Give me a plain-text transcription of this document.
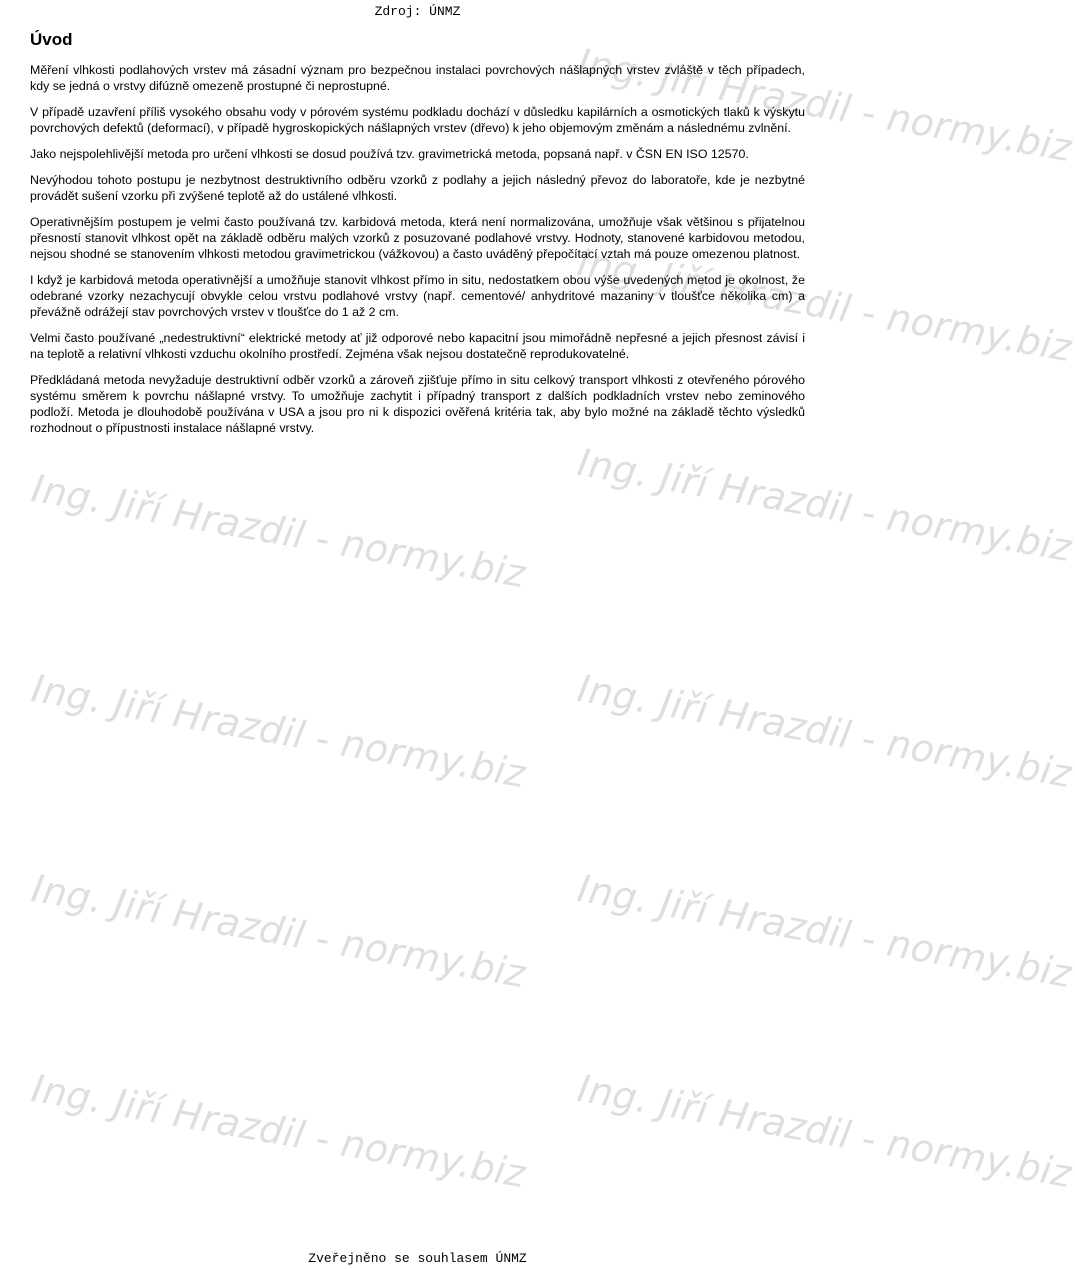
Zdroj: ÚNMZ
Úvod

Měření vlhkosti podlahových vrstev má zásadní význam pro bezpečnou instalaci povrchových nášlapných vrstev zvláště v těch případech, kdy se jedná o vrstvy difúzně omezeně prostupné či neprostupné.

V případě uzavření příliš vysokého obsahu vody v pórovém systému podkladu dochází v důsledku kapilárních a osmotických tlaků k výskytu povrchových defektů (deformací), v případě hygroskopických nášlapných vrstev (dřevo) k jeho objemovým změnám a následnému zvlnění.

Jako nejspolehlivější metoda pro určení vlhkosti se dosud používá tzv. gravimetrická metoda, popsaná např. v ČSN EN ISO 12570.

Nevýhodou tohoto postupu je nezbytnost destruktivního odběru vzorků z podlahy a jejich následný převoz do laboratoře, kde je nezbytné provádět sušení vzorku při zvýšené teplotě až do ustálené vlhkosti.

Operativnějším postupem je velmi často používaná tzv. karbidová metoda, která není normalizována, umožňuje však většinou s přijatelnou přesností stanovit vlhkost opět na základě odběru malých vzorků z posuzované podlahové vrstvy. Hodnoty, stanovené karbidovou metodou, nejsou shodné se stanovením vlhkosti metodou gravimetrickou (vážkovou) a často uváděný přepočítací vztah má pouze omezenou platnost.

I když je karbidová metoda operativnější a umožňuje stanovit vlhkost přímo in situ, nedostatkem obou výše uvedených metod je okolnost, že odebrané vzorky nezachycují obvykle celou vrstvu podlahové vrstvy (např. cementové/ anhydritové mazaniny v tloušťce několika cm) a převážně odrážejí stav povrchových vrstev v tloušťce do 1 až 2 cm.

Velmi často používané „nedestruktivní“ elektrické metody ať již odporové nebo kapacitní jsou mimořádně nepřesné a jejich přesnost závisí i na teplotě a relativní vlhkosti vzduchu okolního prostředí. Zejména však nejsou dostatečně reprodukovatelné.

Předkládaná metoda nevyžaduje destruktivní odběr vzorků a zároveň zjišťuje přímo in situ celkový transport vlhkosti z otevřeného pórového systému směrem k povrchu nášlapné vrstvy. To umožňuje zachytit i případný transport z dalších podkladních vrstev nebo zeminového podloží. Metoda je dlouhodobě používána v USA a jsou pro ni k dispozici ověřená kritéria tak, aby bylo možné na základě těchto výsledků rozhodnout o přípustnosti instalace nášlapné vrstvy.

Ing. Jiří Hrazdil - normy.biz
Ing. Jiří Hrazdil - normy.biz
Ing. Jiří Hrazdil - normy.biz
Ing. Jiří Hrazdil - normy.biz
Ing. Jiří Hrazdil - normy.biz
Ing. Jiří Hrazdil - normy.biz
Ing. Jiří Hrazdil - normy.biz
Ing. Jiří Hrazdil - normy.biz
Ing. Jiří Hrazdil - normy.biz
Ing. Jiří Hrazdil - normy.biz
Zveřejněno se souhlasem ÚNMZ
